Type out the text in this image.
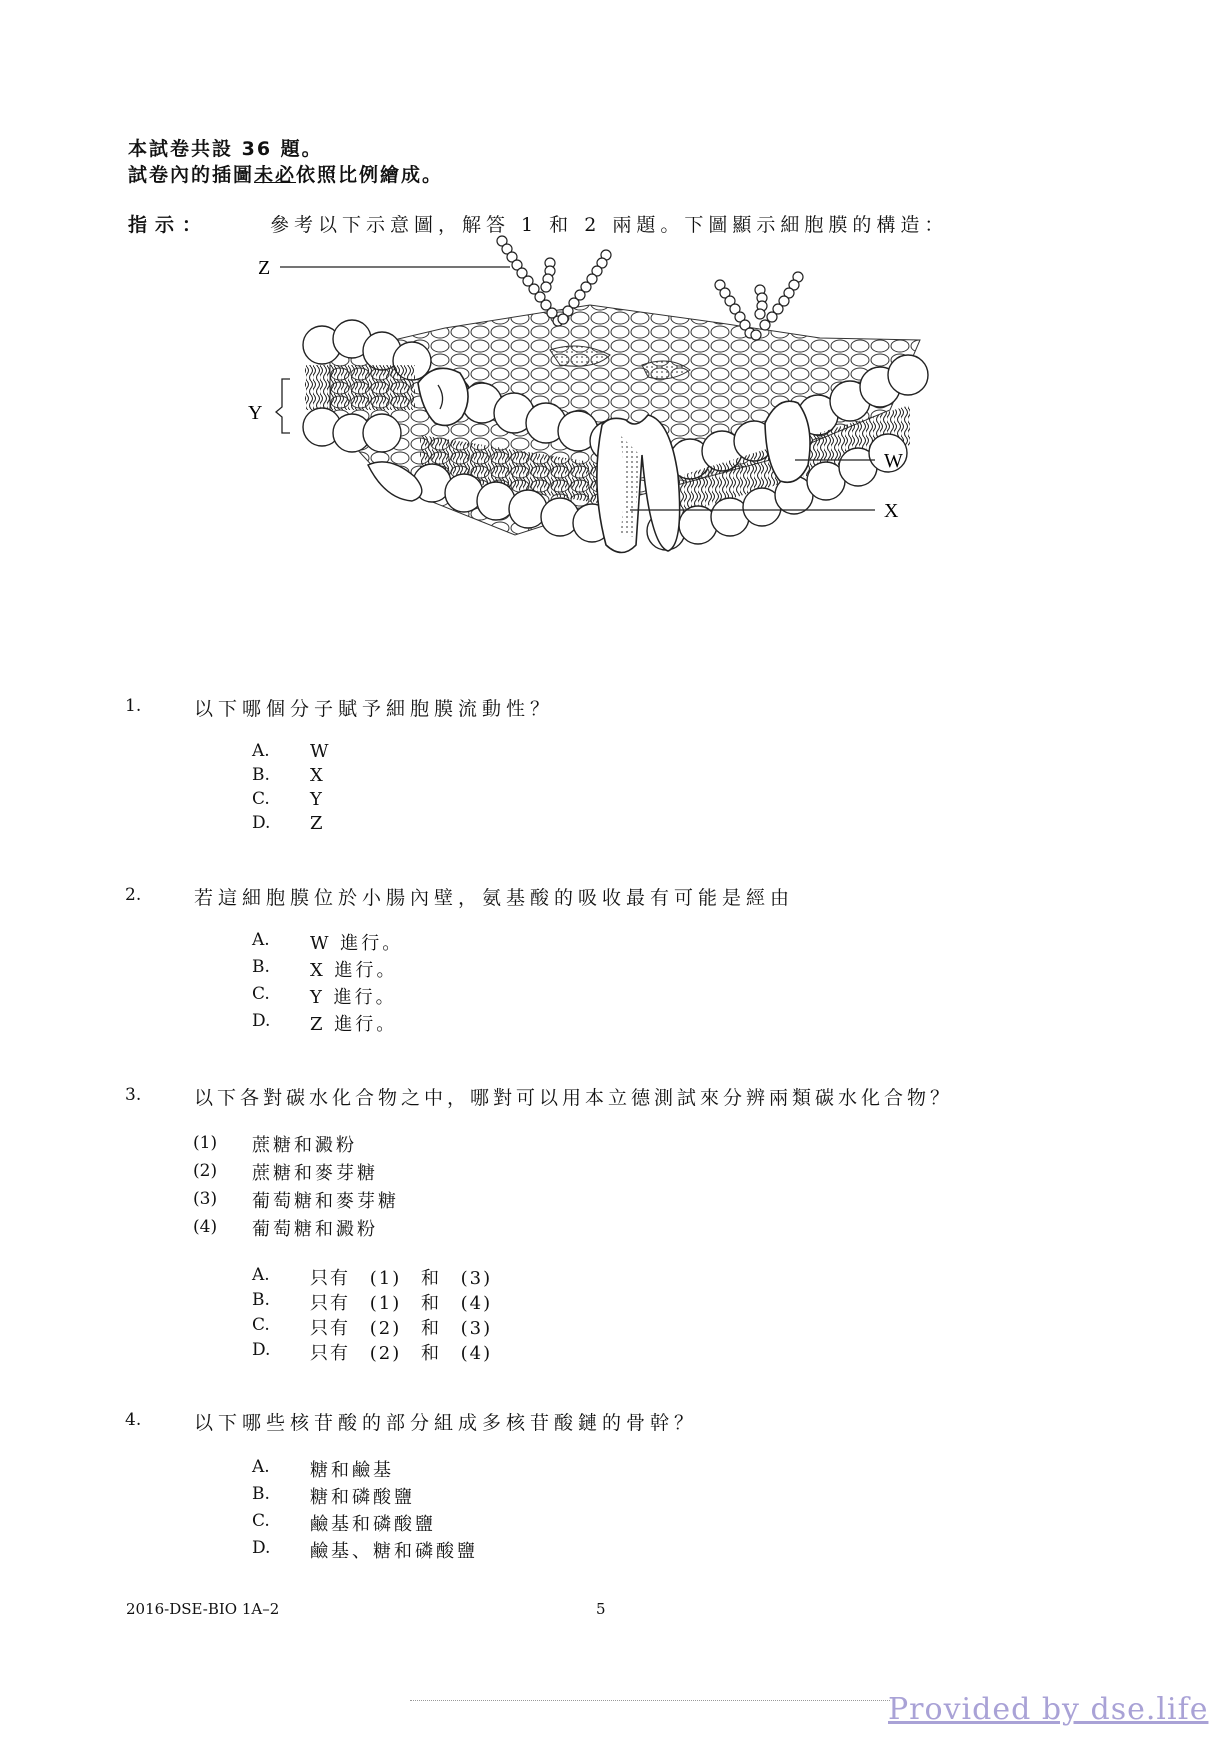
本試卷共設 36 題。
試卷內的插圖未必依照比例繪成。
指示：	參考以下示意圖，解答 1 和 2 兩題。下圖顯示細胞膜的構造：
Z
Y
W
X
1.	以下哪個分子賦予細胞膜流動性？
A. W
B. X
C. Y
D. Z
2.	若這細胞膜位於小腸內壁，氨基酸的吸收最有可能是經由
A. W 進行。
B. X 進行。
C. Y 進行。
D. Z 進行。
3.	以下各對碳水化合物之中，哪對可以用本立德測試來分辨兩類碳水化合物？
(1) 蔗糖和澱粉
(2) 蔗糖和麥芽糖
(3) 葡萄糖和麥芽糖
(4) 葡萄糖和澱粉
A. 只有 (1) 和 (3)
B. 只有 (1) 和 (4)
C. 只有 (2) 和 (3)
D. 只有 (2) 和 (4)
4.	以下哪些核苷酸的部分組成多核苷酸鏈的骨幹？
A. 糖和鹼基
B. 糖和磷酸鹽
C. 鹼基和磷酸鹽
D. 鹼基、糖和磷酸鹽
2016-DSE-BIO 1A–2	5
Provided by dse.life
